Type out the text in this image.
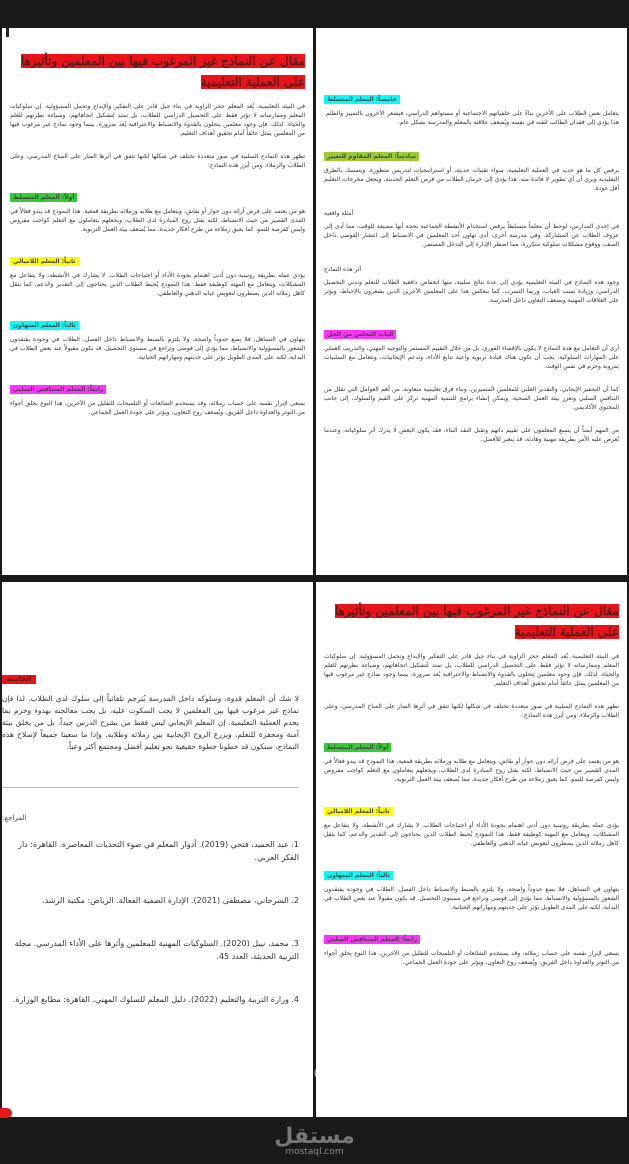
مقال عن النماذج غير المرغوب فيها بين المعلمين وتأثيرها على العملية التعليمية

في البيئة التعليمية، يُعد المعلم حجر الزاوية في بناء جيل قادر على التفكير والإبداع وتحمل المسؤولية. إن سلوكيات المعلم وممارساته لا تؤثر فقط على التحصيل الدراسي للطلاب، بل تمتد لتشكيل اتجاهاتهم، وصياغة نظرتهم للعلم والحياة. لذلك، فإن وجود معلمين يتحلون بالقدوة والانضباط والاحترافية يُعد ضرورة، بينما وجود نماذج غير مرغوب فيها من المعلمين يمثل عائقاً أمام تحقيق أهداف التعليم.

تظهر هذه النماذج السلبية في صور متعددة تختلف في شكلها لكنها تتفق في أثرها الضار على المناخ المدرسي، وعلى الطلاب والزملاء. ومن أبرز هذه النماذج:

أولاً: المعلم المتسلط

هو من يعتمد على فرض آرائه دون حوار أو نقاش، ويتعامل مع طلابه وزملائه بطريقة قمعية. هذا النموذج قد يبدو فعالاً في المدى القصير من حيث الانضباط، لكنه يقتل روح المبادرة لدى الطلاب، ويجعلهم يتعاملون مع التعلم كواجب مفروض وليس كفرصة للنمو. كما يعيق زملاءه من طرح أفكار جديدة، مما يُضعف بيئة العمل التربوية.

ثانياً: المعلم اللامبالي

يؤدي عمله بطريقة روتينية دون أدنى اهتمام بجودة الأداء أو احتياجات الطلاب. لا يشارك في الأنشطة، ولا يتفاعل مع المشكلات، ويتعامل مع المهنة كوظيفة فقط. هذا النموذج يُحبط الطلاب الذين يحتاجون إلى التقدير والدعم، كما يثقل كاهل زملائه الذين يضطرون لتعويض غيابه الذهني والعاطفي.

ثالثاً: المعلم المتهاون

يتهاون في التساهل، فلا يضع حدوداً واضحة، ولا يلتزم بالضبط والانضباط داخل الفصل. الطلاب في وجوده يفتقدون الشعور بالمسؤولية والانضباط، مما يؤدي إلى فوضى وتراجع في مستوى التحصيل. قد يكون مقبولاً عند بعض الطلاب في البداية، لكنه على المدى الطويل يؤثر على جديتهم ومهاراتهم الحياتية.

رابعاً: المعلم المتنافس السلبي

يسعى لإبراز نفسه على حساب زملائه، وقد يستخدم الشائعات أو التلميحات للتقليل من الآخرين. هذا النوع يخلق أجواء من التوتر والعداوة داخل الفريق، ويُضعف روح التعاون، ويؤثر على جودة العمل الجماعي.

خامساً: المعلم المتسلط

يتعامل بعض الطلاب على الآخرين بناءً على خلفياتهم الاجتماعية أو مستواهم الدراسي، فيشعر الآخرون بالتمييز والظلم. هذا يؤدي إلى فقدان الطالب لثقته في نفسه ويُضعف علاقته بالمعلم والمدرسة بشكل عام.

سادساً: المعلم المقاوم للتغيير

يرفض كل ما هو جديد في العملية التعليمية، سواء تقنيات حديثة، أو استراتيجيات لتدريس متطورة، ويتمسك بالطرق التقليدية ويرى أن أي تطوير لا فائدة منه. هذا يؤدي إلى حرمان الطلاب من فرص التعلم الحديثة، ويجعل مخرجات التعليم أقل جودة.

أمثلة واقعية

في إحدى المدارس، لوحظ أن معلماً متسلطاً يرفض استخدام الأنشطة الجماعية بحجة أنها مضيعة للوقت، مما أدى إلى عزوف الطلاب عن المشاركة. وفي مدرسة أخرى، أدى تهاون أحد المعلمين في الانضباط إلى انتشار الفوضى داخل الصف، ووقوع مشكلات سلوكية متكررة، مما اضطر الإدارة إلى التدخل المستمر.

أثر هذه النماذج

وجود هذه النماذج في البيئة التعليمية يؤدي إلى عدة نتائج سلبية، منها انخفاض دافعية الطلاب للتعلم وتدني التحصيل الدراسي، وزيادة نسب الغياب، وربما التسرب. كما ينعكس هذا على المعلمين الآخرين الذين يشعرون بالإحباط، ويؤثر على العلاقات المهنية ويضعف التعاون داخل المدرسة.

آليات التخلص من الحل

أرى أن التعامل مع هذه النماذج لا يكون بالإقصاء الفوري، بل من خلال التقييم المستمر والتوجيه المهني، والتدريب العملي على المهارات السلوكية. يجب أن تكون هناك قيادة تربوية واعية تتابع الأداء، وتدعم الإيجابيات، وتتعامل مع السلبيات بمرونة وحزم في نفس الوقت.

كما أن التحفيز الإيجابي، والتقدير العلني للمعلمين المتميزين، وبناء فرق تعليمية متعاونة، من أهم العوامل التي تقلل من التنافس السلبي وتعزز بيئة العمل الصحية. ويمكن إنشاء برامج للتنمية المهنية تركز على القيم والسلوك، إلى جانب المحتوى الأكاديمي.

من المهم أيضاً أن يتسع المعلمون على تقييم ذاتهم وتقبل النقد البناء، فقد يكون البعض لا يدرك أثر سلوكياته، وعندما يُعرض عليه الأمر بطريقة مهنية وهادئة، قد يتغير للأفضل.

الخاتمة

لا شك أن المعلم قدوة، وسلوكه داخل المدرسة يُترجم تلقائياً إلى سلوك لدى الطلاب. لذا فإن نماذج غير مرغوب فيها بين المعلمين لا يجب السكوت عليه، بل يجب معالجته بهدوء وحزم بما يخدم العملية التعليمية. إن المعلم الإيجابي ليس فقط من يشرح الدرس جيداً، بل من يخلق بيئة آمنة ومحفزة للتعلم، ويزرع الروح الإيجابية بين زملائه وطلابه. وإذا ما سعينا جميعاً لإصلاح هذه النماذج، سنكون قد خطونا خطوة حقيقية نحو تعليم أفضل ومجتمع أكثر وعياً.

المراجع:

1. عبد الحميد، فتحي (2019). أدوار المعلم في ضوء التحديات المعاصرة. القاهرة: دار الفكر العربي.

2. السرجاني، مصطفى (2021). الإدارة الصفية الفعالة. الرياض: مكتبة الرشد.

3. محمد، نبيل (2020). السلوكيات المهنية للمعلمين وأثرها على الأداء المدرسي. مجلة التربية الحديثة، العدد 45.

4. وزارة التربية والتعليم (2022). دليل المعلم للسلوك المهني. القاهرة: مطابع الوزارة.

مقال عن النماذج غير المرغوب فيها بين المعلمين وتأثيرها على العملية التعليمية

في البيئة التعليمية، يُعد المعلم حجر الزاوية في بناء جيل قادر على التفكير والإبداع وتحمل المسؤولية. إن سلوكيات المعلم وممارساته لا تؤثر فقط على التحصيل الدراسي للطلاب، بل تمتد لتشكيل اتجاهاتهم، وصياغة نظرتهم للعلم والحياة. لذلك، فإن وجود معلمين يتحلون بالقدوة والانضباط والاحترافية يُعد ضرورة، بينما وجود نماذج غير مرغوب فيها من المعلمين يمثل عائقاً أمام تحقيق أهداف التعليم.

تظهر هذه النماذج السلبية في صور متعددة تختلف في شكلها لكنها تتفق في أثرها الضار على المناخ المدرسي، وعلى الطلاب والزملاء. ومن أبرز هذه النماذج:

أولاً: المعلم المتسلط

هو من يعتمد على فرض آرائه دون حوار أو نقاش، ويتعامل مع طلابه وزملائه بطريقة قمعية. هذا النموذج قد يبدو فعالاً في المدى القصير من حيث الانضباط، لكنه يقتل روح المبادرة لدى الطلاب، ويجعلهم يتعاملون مع التعلم كواجب مفروض وليس كفرصة للنمو. كما يعيق زملاءه من طرح أفكار جديدة، مما يُضعف بيئة العمل التربوية.

ثانياً: المعلم اللامبالي

يؤدي عمله بطريقة روتينية دون أدنى اهتمام بجودة الأداء أو احتياجات الطلاب. لا يشارك في الأنشطة، ولا يتفاعل مع المشكلات، ويتعامل مع المهنة كوظيفة فقط. هذا النموذج يُحبط الطلاب الذين يحتاجون إلى التقدير والدعم، كما يثقل كاهل زملائه الذين يضطرون لتعويض غيابه الذهني والعاطفي.

ثالثاً: المعلم المتهاون

يتهاون في التساهل، فلا يضع حدوداً واضحة، ولا يلتزم بالضبط والانضباط داخل الفصل. الطلاب في وجوده يفتقدون الشعور بالمسؤولية والانضباط، مما يؤدي إلى فوضى وتراجع في مستوى التحصيل. قد يكون مقبولاً عند بعض الطلاب في البداية، لكنه على المدى الطويل يؤثر على جديتهم ومهاراتهم الحياتية.

رابعاً: المعلم المتنافس السلبي

يسعى لإبراز نفسه على حساب زملائه، وقد يستخدم الشائعات أو التلميحات للتقليل من الآخرين. هذا النوع يخلق أجواء من التوتر والعداوة داخل الفريق، ويُضعف روح التعاون، ويؤثر على جودة العمل الجماعي.

Filters
مستقل
mostaql.com
